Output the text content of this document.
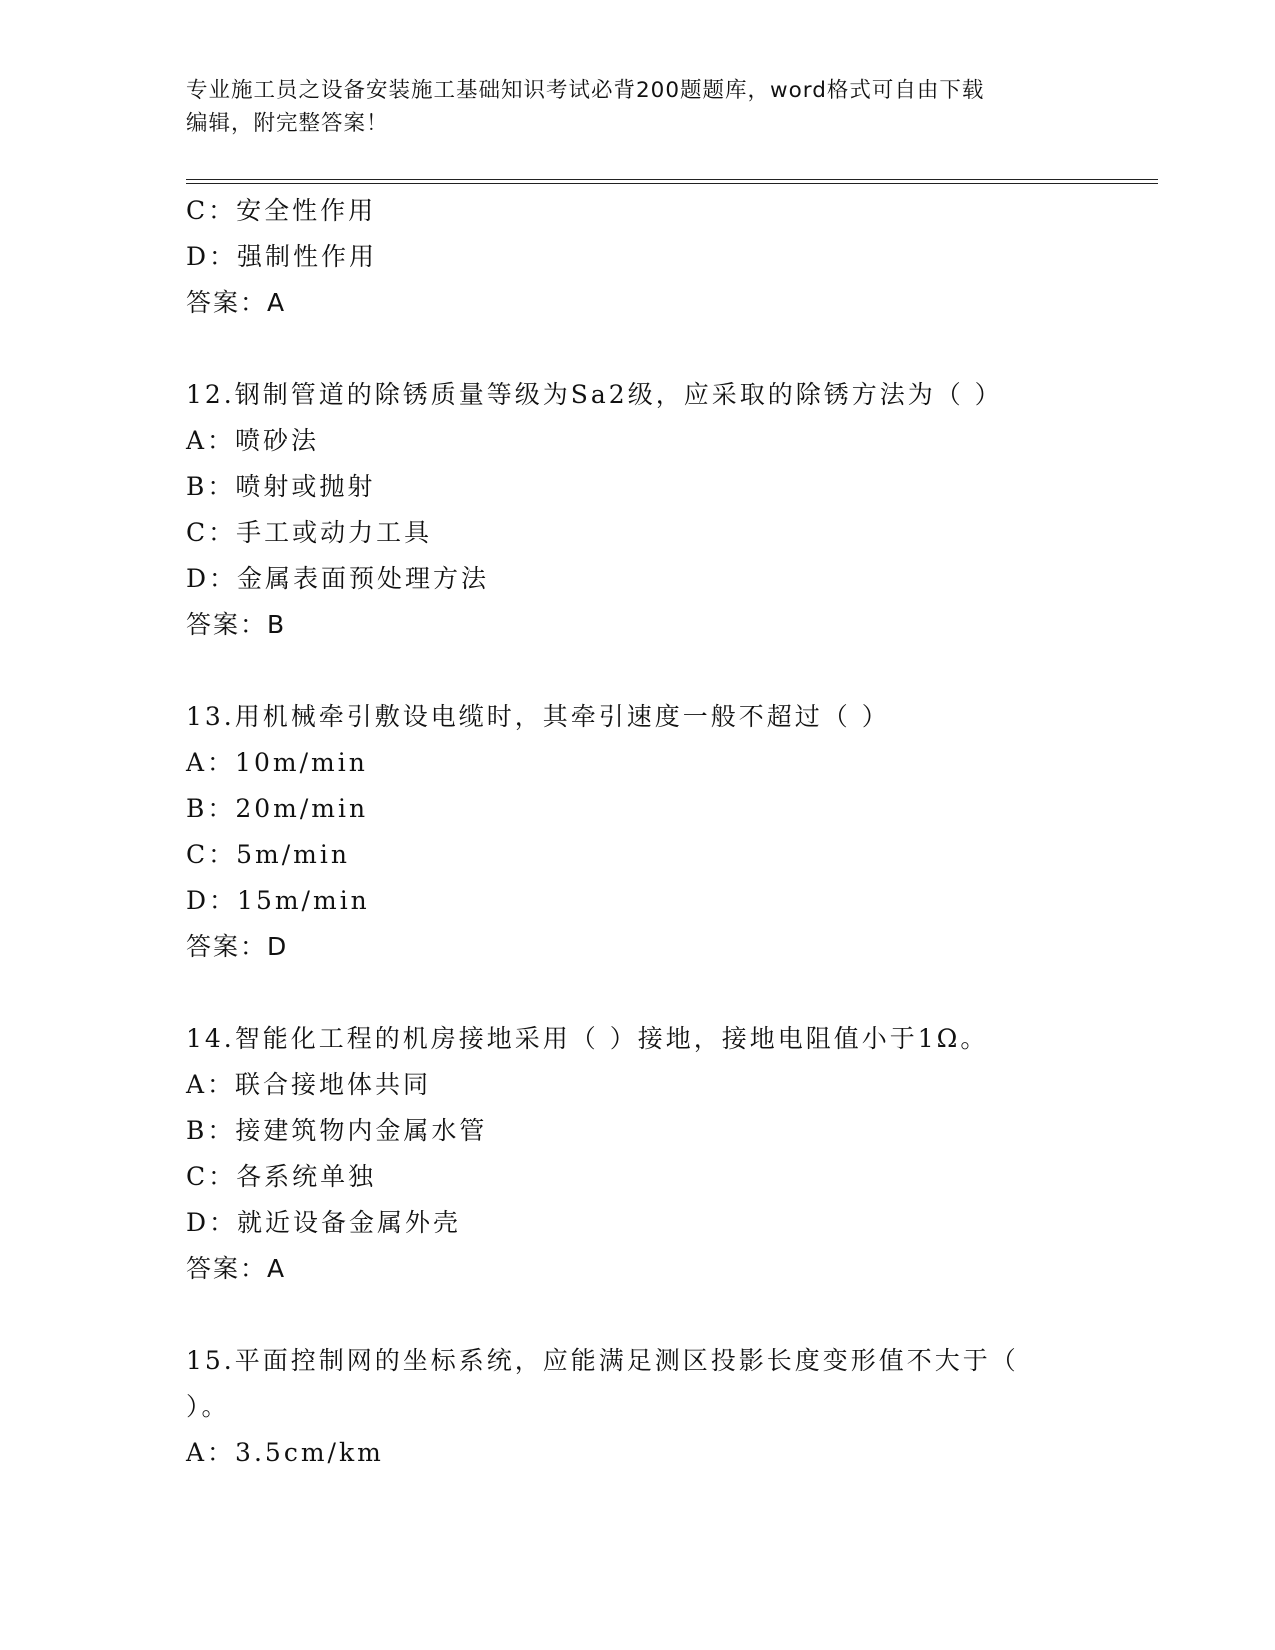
专业施工员之设备安装施工基础知识考试必背200题题库，word格式可自由下载
编辑，附完整答案！
C：安全性作用
D：强制性作用
答案：A
12.钢制管道的除锈质量等级为Sa2级，应采取的除锈方法为（ ）
A：喷砂法
B：喷射或抛射
C：手工或动力工具
D：金属表面预处理方法
答案：B
13.用机械牵引敷设电缆时，其牵引速度一般不超过（ ）
A：10m/min
B：20m/min
C：5m/min
D：15m/min
答案：D
14.智能化工程的机房接地采用（ ）接地，接地电阻值小于1Ω。
A：联合接地体共同
B：接建筑物内金属水管
C：各系统单独
D：就近设备金属外壳
答案：A
15.平面控制网的坐标系统，应能满足测区投影长度变形值不大于（
）。
A：3.5cm/km
